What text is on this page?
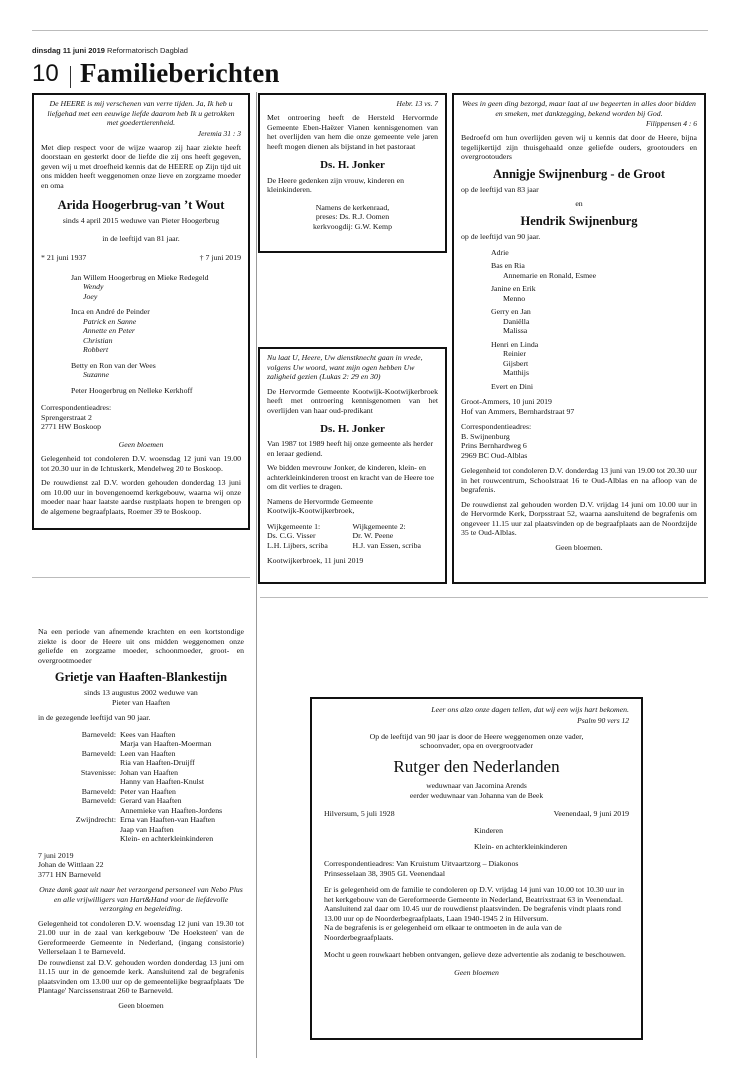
dinsdag 11 juni 2019 Reformatorisch Dagblad
10 Familieberichten

De HEERE is mij verschenen van verre tijden. Ja, Ik heb u liefgehad met een eeuwige liefde daarom heb Ik u getrokken met goedertierenheid.

Jeremia 31 : 3

Met diep respect voor de wijze waarop zij haar ziekte heeft doorstaan en gesterkt door de liefde die zij ons heeft gegeven, geven wij u met droefheid kennis dat de HEERE op Zijn tijd uit ons midden heeft weggenomen onze lieve en zorgzame moeder en oma

Arida Hoogerbrug-van ’t Wout

sinds 4 april 2015 weduwe van Pieter Hoogerbrug

in de leeftijd van 81 jaar.

* 21 juni 1937	† 7 juni 2019
Jan Willem Hoogerbrug en Mieke Redegeld
Wendy
Joey
Inca en André de Peinder
Patrick en Sanne
Annette en Peter
Christian
Robbert
Betty en Ron van der Wees
Suzanne
Peter Hoogerbrug en Nelleke Kerkhoff
Correspondentieadres:
Sprengerstraat 2
2771 HW Boskoop

Geen bloemen

Gelegenheid tot condoleren D.V. woensdag 12 juni van 19.00 tot 20.30 uur in de Ichtuskerk, Mendelweg 20 te Boskoop.

De rouwdienst zal D.V. worden gehouden donderdag 13 juni om 10.00 uur in bovengenoemd kerkgebouw, waarna wij onze moeder naar haar laatste aardse rustplaats hopen te brengen op de algemene begraafplaats, Roemer 39 te Boskoop.

Hebr. 13 vs. 7

Met ontroering heeft de Hersteld Hervormde Gemeente Eben-Haëzer Vianen kennisgenomen van het overlijden van hem die onze gemeente vele jaren heeft mogen dienen als bijstand in het pastoraat

Ds. H. Jonker

De Heere gedenken zijn vrouw, kinderen en kleinkinderen.

Namens de kerkenraad,
preses: Ds. R.J. Oomen
kerkvoogdij: G.W. Kemp

Nu laat U, Heere, Uw dienstknecht gaan in vrede, volgens Uw woord, want mijn ogen hebben Uw zaligheid gezien (Lukas 2: 29 en 30)

De Hervormde Gemeente Kootwijk-Kootwijkerbroek heeft met ontroering kennisgenomen van het overlijden van haar oud-predikant

Ds. H. Jonker

Van 1987 tot 1989 heeft hij onze gemeente als herder en leraar gediend.

We bidden mevrouw Jonker, de kinderen, klein- en achterkleinkinderen troost en kracht van de Heere toe om dit verlies te dragen.

Namens de Hervormde Gemeente
Kootwijk-Kootwijkerbroek,
Wijkgemeente 1:
Ds. C.G. Visser
L.H. Lijbers, scriba
Wijkgemeente 2:
Dr. W. Peene
H.J. van Essen, scriba
Kootwijkerbroek, 11 juni 2019

Wees in geen ding bezorgd, maar laat al uw begeerten in alles door bidden en smeken, met dankzegging, bekend worden bij God.

Filippensen 4 : 6

Bedroefd om hun overlijden geven wij u kennis dat door de Heere, bijna tegelijkertijd zijn thuisgehaald onze geliefde ouders, grootouders en overgrootouders

Annigje Swijnenburg - de Groot
op de leeftijd van 83 jaar
en
Hendrik Swijnenburg
op de leeftijd van 90 jaar.
Adrie
Bas en Ria
Annemarie en Ronald, Esmee
Janine en Erik
Menno
Gerry en Jan
Daniëlla
Malissa
Henri en Linda
Reinier
Gijsbert
Matthijs
Evert en Dini
Groot-Ammers, 10 juni 2019
Hof van Ammers, Bernhardstraat 97
Correspondentieadres:
B. Swijnenburg
Prins Bernhardweg 6
2969 BC Oud-Alblas

Gelegenheid tot condoleren D.V. donderdag 13 juni van 19.00 tot 20.30 uur in het rouwcentrum, Schoolstraat 16 te Oud-Alblas en na afloop van de begrafenis.

De rouwdienst zal gehouden worden D.V. vrijdag 14 juni om 10.00 uur in de Hervormde Kerk, Dorpsstraat 52, waarna aansluitend de begrafenis om ongeveer 11.15 uur zal plaatsvinden op de begraafplaats aan de Noordzijde 35 te Oud-Alblas.

Geen bloemen.

Na een periode van afnemende krachten en een kortstondige ziekte is door de Heere uit ons midden weggenomen onze geliefde en zorgzame moeder, schoonmoeder, groot- en overgrootmoeder

Grietje van Haaften-Blankestijn
sinds 13 augustus 2002 weduwe van
Pieter van Haaften

in de gezegende leeftijd van 90 jaar.

Barneveld: Kees van Haaften
Marja van Haaften-Moerman
Barneveld: Leen van Haaften
Ria van Haaften-Druijff
Stavenisse: Johan van Haaften
Hanny van Haaften-Knulst
Barneveld: Peter van Haaften
Barneveld: Gerard van Haaften
Annemieke van Haaften-Jordens
Zwijndrecht: Erna van Haaften-van Haaften
Jaap van Haaften
Klein- en achterkleinkinderen
7 juni 2019
Johan de Wittlaan 22
3771 HN Barneveld

Onze dank gaat uit naar het verzorgend personeel van Nebo Plus en alle vrijwilligers van Hart&Hand voor de liefdevolle verzorging en begeleiding.

Gelegenheid tot condoleren D.V. woensdag 12 juni van 19.30 tot 21.00 uur in de zaal van kerkgebouw 'De Hoeksteen' van de Gereformeerde Gemeente in Nederland, (ingang consistorie) Vellerselaan 1 te Barneveld.

De rouwdienst zal D.V. gehouden worden donderdag 13 juni om 11.15 uur in de genoemde kerk. Aansluitend zal de begrafenis plaatsvinden om 13.00 uur op de gemeentelijke begraafplaats 'De Plantage' Narcissenstraat 260 te Barneveld.

Geen bloemen

Leer ons alzo onze dagen tellen, dat wij een wijs hart bekomen.

Psalm 90 vers 12

Op de leeftijd van 90 jaar is door de Heere weggenomen onze vader, schoonvader, opa en overgrootvader

Rutger den Nederlanden
weduwnaar van Jacomina Arends
eerder weduwnaar van Johanna van de Beek
Hilversum, 5 juli 1928	Veenendaal, 9 juni 2019
Kinderen
Klein- en achterkleinkinderen
Correspondentieadres: Van Kruistum Uitvaartzorg – Diakonos
Prinsesselaan 38, 3905 GL Veenendaal

Er is gelegenheid om de familie te condoleren op D.V. vrijdag 14 juni van 10.00 tot 10.30 uur in het kerkgebouw van de Gereformeerde Gemeente in Nederland, Beatrixstraat 63 in Veenendaal.

Aansluitend zal daar om 10.45 uur de rouwdienst plaatsvinden. De begrafenis vindt plaats rond 13.00 uur op de Noorderbegraafplaats, Laan 1940-1945 2 in Hilversum.

Na de begrafenis is er gelegenheid om elkaar te ontmoeten in de aula van de Noorderbegraafplaats.

Mocht u geen rouwkaart hebben ontvangen, gelieve deze advertentie als zodanig te beschouwen.

Geen bloemen
